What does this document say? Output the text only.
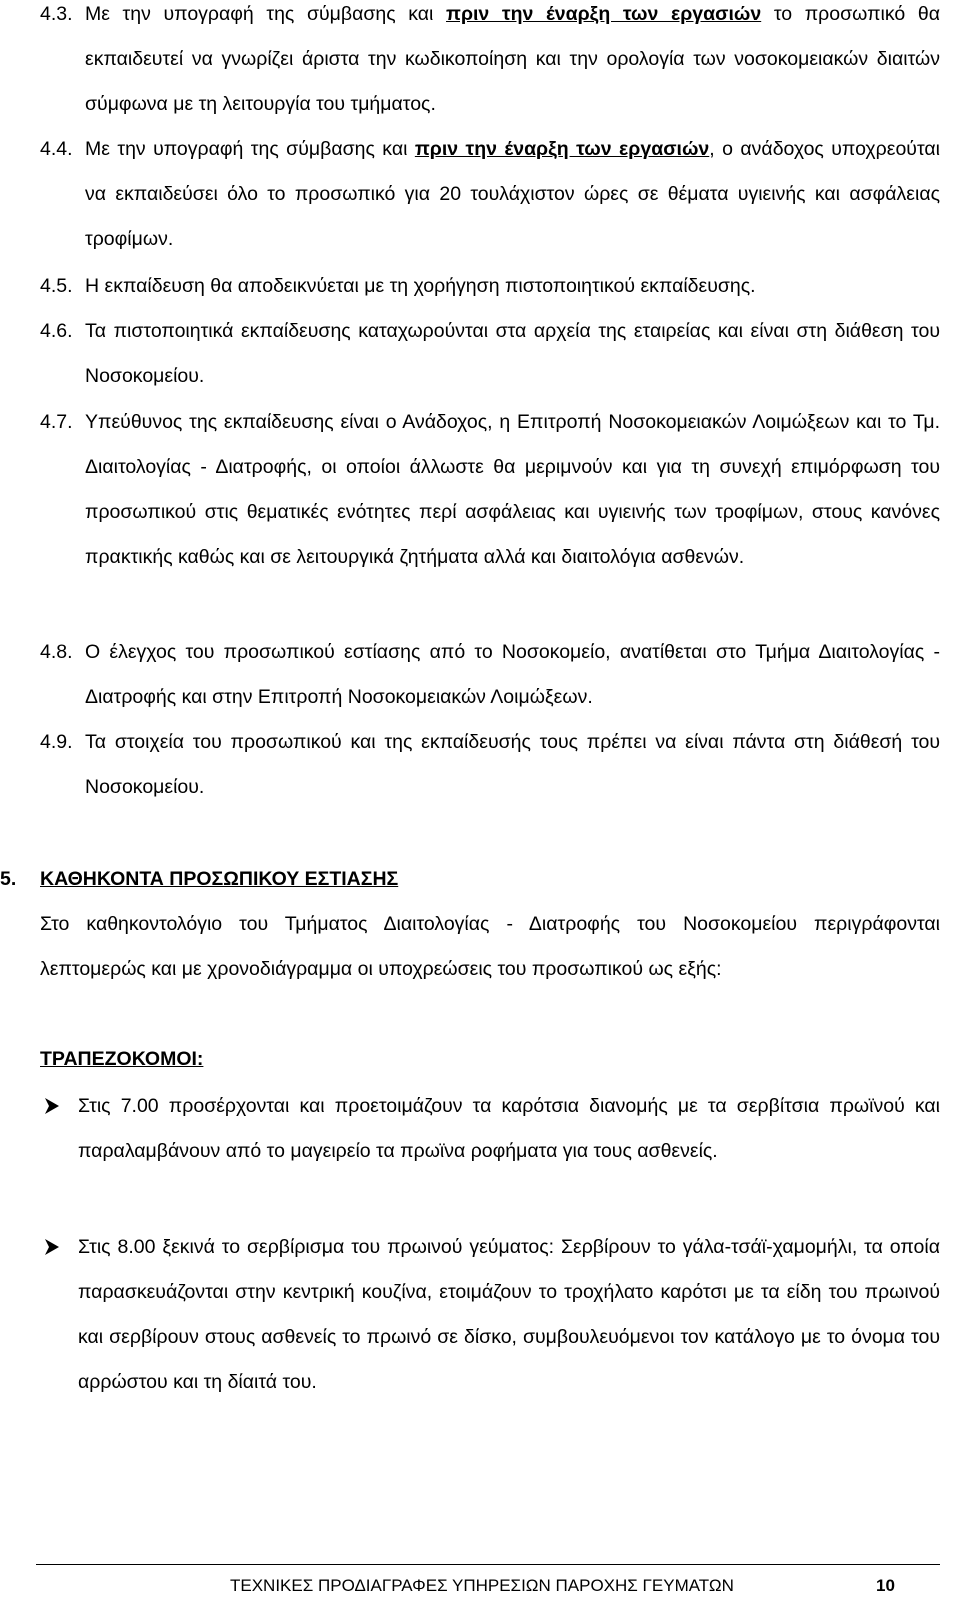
4.3. Με την υπογραφή της σύμβασης και πριν την έναρξη των εργασιών το προσωπικό θα εκπαιδευτεί να γνωρίζει άριστα την κωδικοποίηση και την ορολογία των νοσοκομειακών διαιτών σύμφωνα με τη λειτουργία του τμήματος.
4.4. Με την υπογραφή της σύμβασης και πριν την έναρξη των εργασιών, ο ανάδοχος υποχρεούται να εκπαιδεύσει όλο το προσωπικό για 20 τουλάχιστον ώρες σε θέματα υγιεινής και ασφάλειας τροφίμων.
4.5. Η εκπαίδευση θα αποδεικνύεται με τη χορήγηση πιστοποιητικού εκπαίδευσης.
4.6. Τα πιστοποιητικά εκπαίδευσης καταχωρούνται στα αρχεία της εταιρείας και είναι στη διάθεση του Νοσοκομείου.
4.7. Υπεύθυνος της εκπαίδευσης είναι ο Ανάδοχος, η Επιτροπή Νοσοκομειακών Λοιμώξεων και το Τμ. Διαιτολογίας - Διατροφής, οι οποίοι άλλωστε θα μεριμνούν και για τη συνεχή επιμόρφωση του προσωπικού στις θεματικές ενότητες περί ασφάλειας και υγιεινής των τροφίμων, στους κανόνες πρακτικής καθώς και σε λειτουργικά ζητήματα αλλά και διαιτολόγια ασθενών.
4.8. Ο έλεγχος του προσωπικού εστίασης από το Νοσοκομείο, ανατίθεται στο Τμήμα Διαιτολογίας - Διατροφής και στην Επιτροπή Νοσοκομειακών Λοιμώξεων.
4.9. Τα στοιχεία του προσωπικού και της εκπαίδευσής τους πρέπει να είναι πάντα στη διάθεσή του Νοσοκομείου.
5. ΚΑΘΗΚΟΝΤΑ ΠΡΟΣΩΠΙΚΟΥ ΕΣΤΙΑΣΗΣ
Στο καθηκοντολόγιο του Τμήματος Διαιτολογίας - Διατροφής του Νοσοκομείου περιγράφονται λεπτομερώς και με χρονοδιάγραμμα οι υποχρεώσεις του προσωπικού ως εξής:
ΤΡΑΠΕΖΟΚΟΜΟΙ:
Στις 7.00 προσέρχονται και προετοιμάζουν τα καρότσια διανομής με τα σερβίτσια πρωϊνού και παραλαμβάνουν από το μαγειρείο τα πρωϊνα ροφήματα για τους ασθενείς.
Στις 8.00 ξεκινά το σερβίρισμα του πρωινού γεύματος: Σερβίρουν το γάλα-τσάϊ-χαμομήλι, τα οποία παρασκευάζονται στην κεντρική κουζίνα, ετοιμάζουν το τροχήλατο καρότσι με τα είδη του πρωινού και σερβίρουν στους ασθενείς το πρωινό σε δίσκο, συμβουλευόμενοι τον κατάλογο με το όνομα του αρρώστου και τη δίαιτά του.
ΤΕΧΝΙΚΕΣ ΠΡΟΔΙΑΓΡΑΦΕΣ ΥΠΗΡΕΣΙΩΝ ΠΑΡΟΧΗΣ ΓΕΥΜΑΤΩΝ	10
